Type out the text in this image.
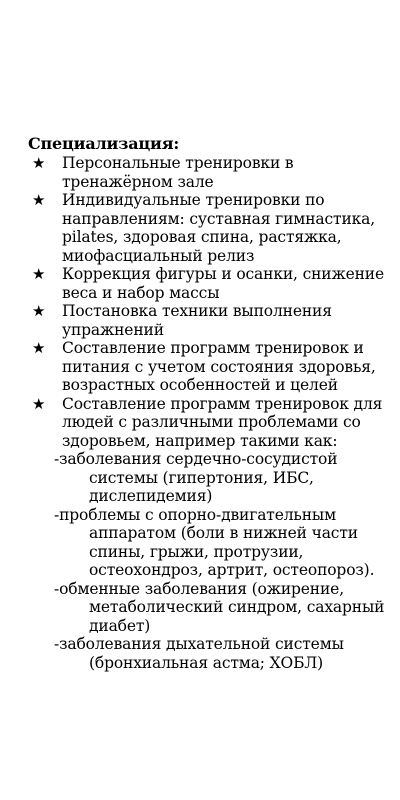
Специализация:
★ Персональные тренировки в тренажёрном зале
★ Индивидуальные тренировки по направлениям: суставная гимнастика, pilates, здоровая спина, растяжка, миофасциальный релиз
★ Коррекция фигуры и осанки, снижение веса и набор массы
★ Постановка техники выполнения упражнений
★ Составление программ тренировок и питания с учетом состояния здоровья, возрастных особенностей и целей
★ Составление программ тренировок для людей с различными проблемами со здоровьем, например такими как:
-заболевания сердечно-сосудистой системы (гипертония, ИБС, дислепидемия)
-проблемы с опорно-двигательным аппаратом (боли в нижней части спины, грыжи, протрузии, остеохондроз, артрит, остеопороз).
-обменные заболевания (ожирение, метаболический синдром, сахарный диабет)
-заболевания дыхательной системы (бронхиальная астма; ХОБЛ)
